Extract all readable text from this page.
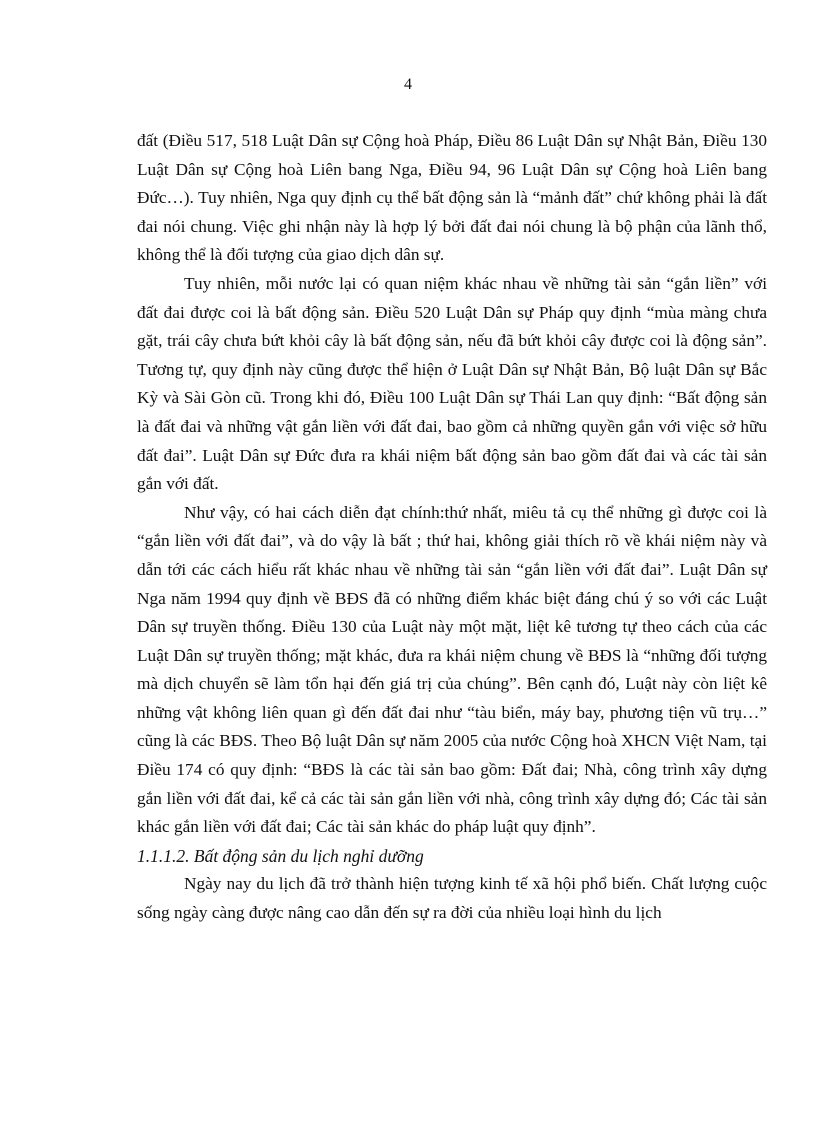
4

đất (Điều 517, 518 Luật Dân sự Cộng hoà Pháp, Điều 86 Luật Dân sự Nhật Bản, Điều 130 Luật Dân sự Cộng hoà Liên bang Nga, Điều 94, 96 Luật Dân sự Cộng hoà Liên bang Đức…). Tuy nhiên, Nga quy định cụ thể bất động sản là “mảnh đất” chứ không phải là đất đai nói chung. Việc ghi nhận này là hợp lý bởi đất đai nói chung là bộ phận của lãnh thổ, không thể là đối tượng của giao dịch dân sự.

Tuy nhiên, mỗi nước lại có quan niệm khác nhau về những tài sản “gắn liền” với đất đai được coi là bất động sản. Điều 520 Luật Dân sự Pháp quy định “mùa màng chưa gặt, trái cây chưa bứt khỏi cây là bất động sản, nếu đã bứt khỏi cây được coi là động sản”. Tương tự, quy định này cũng được thể hiện ở Luật Dân sự Nhật Bản, Bộ luật Dân sự Bắc Kỳ và Sài Gòn cũ. Trong khi đó, Điều 100 Luật Dân sự Thái Lan quy định: “Bất động sản là đất đai và những vật gắn liền với đất đai, bao gồm cả những quyền gắn với việc sở hữu đất đai”. Luật Dân sự Đức đưa ra khái niệm bất động sản bao gồm đất đai và các tài sản gắn với đất.

Như vậy, có hai cách diễn đạt chính:thứ nhất, miêu tả cụ thể những gì được coi là “gắn liền với đất đai”, và do vậy là bất ; thứ hai, không giải thích rõ về khái niệm này và dẫn tới các cách hiểu rất khác nhau về những tài sản “gắn liền với đất đai”. Luật Dân sự Nga năm 1994 quy định về BĐS đã có những điểm khác biệt đáng chú ý so với các Luật Dân sự truyền thống. Điều 130 của Luật này một mặt, liệt kê tương tự theo cách của các Luật Dân sự truyền thống; mặt khác, đưa ra khái niệm chung về BĐS là “những đối tượng mà dịch chuyển sẽ làm tổn hại đến giá trị của chúng”. Bên cạnh đó, Luật này còn liệt kê những vật không liên quan gì đến đất đai như “tàu biển, máy bay, phương tiện vũ trụ…” cũng là các BĐS. Theo Bộ luật Dân sự năm 2005 của nước Cộng hoà XHCN Việt Nam, tại Điều 174 có quy định: “BĐS là các tài sản bao gồm: Đất đai; Nhà, công trình xây dựng gắn liền với đất đai, kể cả các tài sản gắn liền với nhà, công trình xây dựng đó; Các tài sản khác gắn liền với đất đai; Các tài sản khác do pháp luật quy định”.

1.1.1.2. Bất động sản du lịch nghỉ dưỡng

Ngày nay du lịch đã trở thành hiện tượng kinh tế xã hội phổ biến. Chất lượng cuộc sống ngày càng được nâng cao dẫn đến sự ra đời của nhiều loại hình du lịch
